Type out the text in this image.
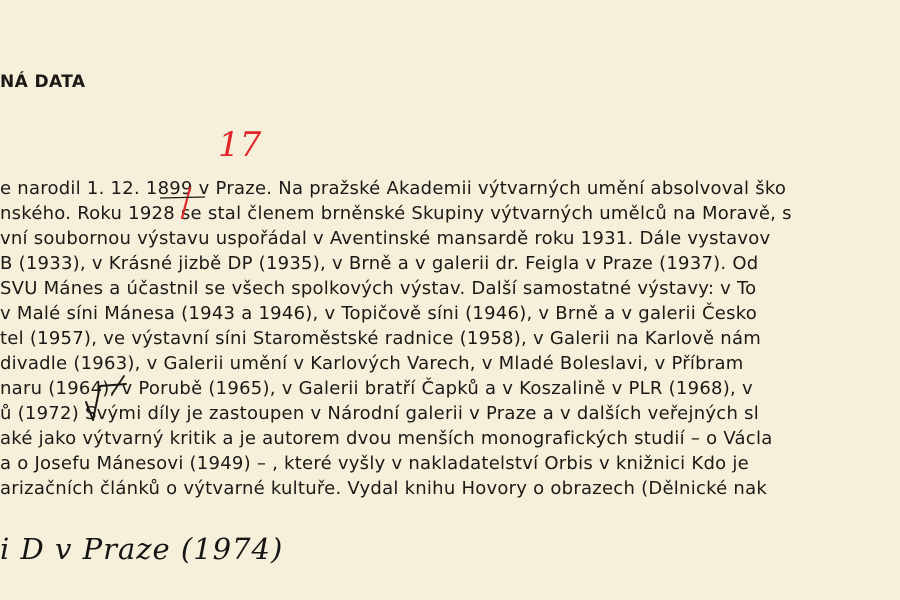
NÁ DATA
17
e narodil 1. 12. 1899 v Praze. Na pražské Akademii výtvarných umění absolvoval ško
nského. Roku 1928 se stal členem brněnské Skupiny výtvarných umělců na Moravě, s
vní soubornou výstavu uspořádal v Aventinské mansardě roku 1931. Dále vystavov
B (1933), v Krásné jizbě DP (1935), v Brně a v galerii dr. Feigla v Praze (1937). Od
SVU Mánes a účastnil se všech spolkových výstav. Další samostatné výstavy: v To
v Malé síni Mánesa (1943 a 1946), v Topičově síni (1946), v Brně a v galerii Česko
tel (1957), ve výstavní síni Staroměstské radnice (1958), v Galerii na Karlově nám
divadle (1963), v Galerii umění v Karlových Varech, v Mladé Boleslavi, v Příbram
naru (1964), v Porubě (1965), v Galerii bratří Čapků a v Koszalině v PLR (1968), v
ů (1972) Svými díly je zastoupen v Národní galerii v Praze a v dalších veřejných sl
aké jako výtvarný kritik a je autorem dvou menších monografických studií – o Václa
a o Josefu Mánesovi (1949) – , které vyšly v nakladatelství Orbis v knižnici Kdo je
arizačních článků o výtvarné kultuře. Vydal knihu Hovory o obrazech (Dělnické nak
i D v Praze (1974)
